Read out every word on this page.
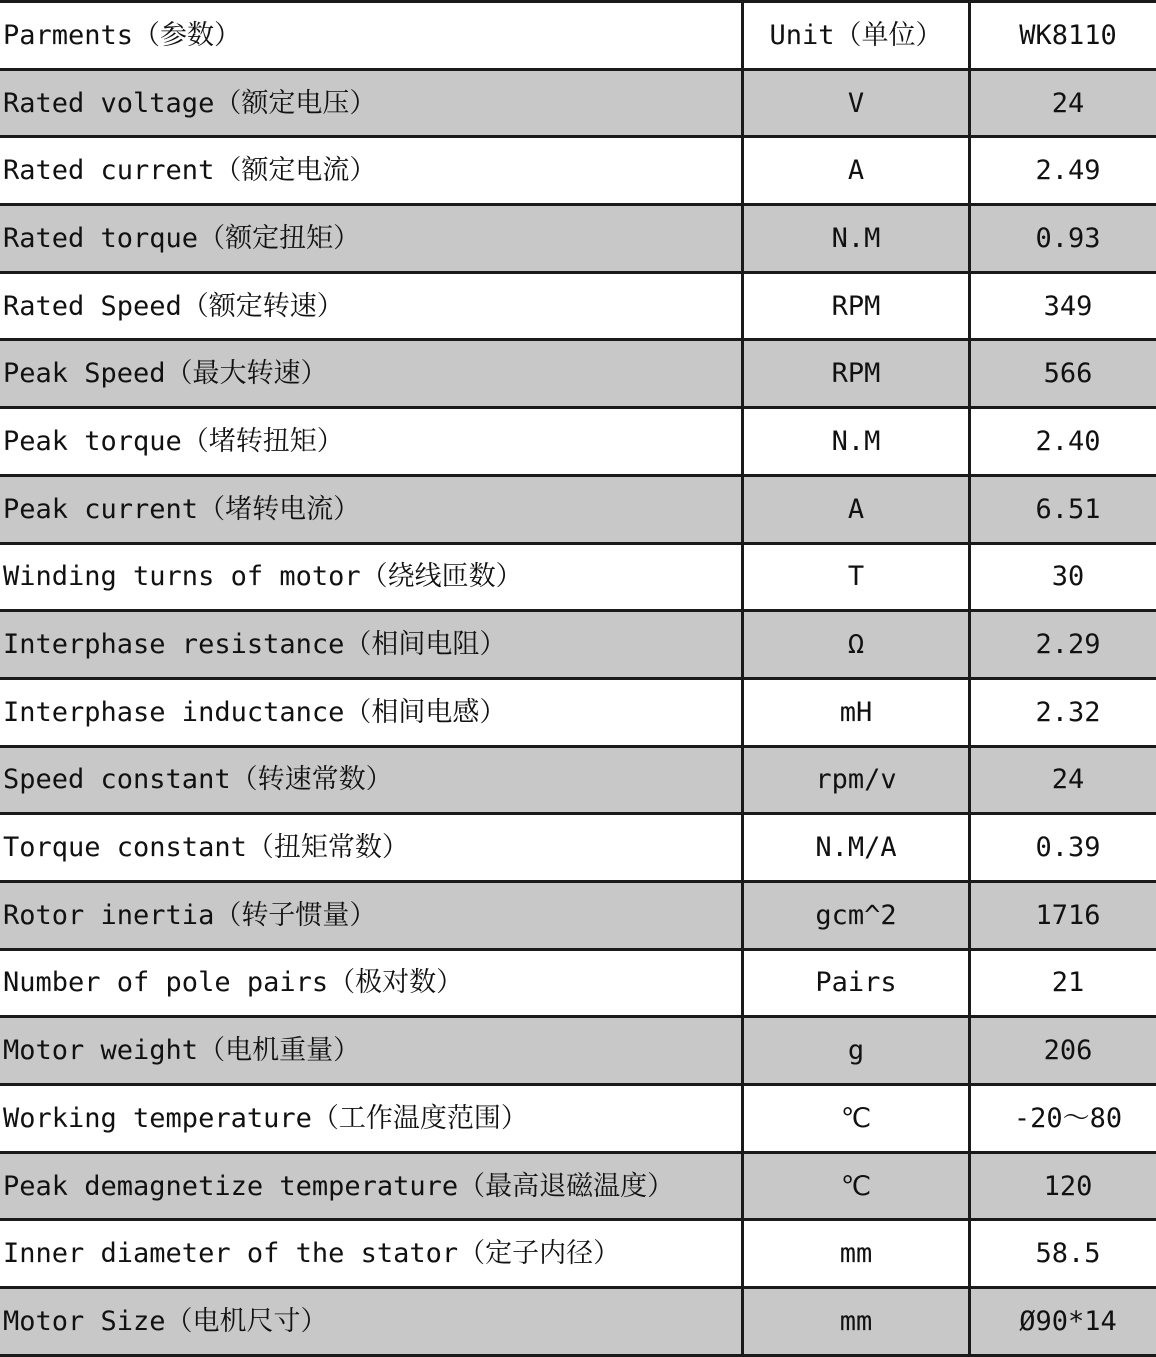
Parments（参数）	Unit（单位）	WK8110
Rated voltage（额定电压）	V	24
Rated current（额定电流）	A	2.49
Rated torque（额定扭矩）	N.M	0.93
Rated Speed（额定转速）	RPM	349
Peak Speed（最大转速）	RPM	566
Peak torque（堵转扭矩）	N.M	2.40
Peak current（堵转电流）	A	6.51
Winding turns of motor（绕线匝数）	T	30
Interphase resistance（相间电阻）	Ω	2.29
Interphase inductance（相间电感）	mH	2.32
Speed constant（转速常数）	rpm/v	24
Torque constant（扭矩常数）	N.M/A	0.39
Rotor inertia（转子惯量）	gcm^2	1716
Number of pole pairs（极对数）	Pairs	21
Motor weight（电机重量）	g	206
Working temperature（工作温度范围）	℃	-20～80
Peak demagnetize temperature（最高退磁温度）	℃	120
Inner diameter of the stator（定子内径）	mm	58.5
Motor Size（电机尺寸）	mm	Ø90*14
